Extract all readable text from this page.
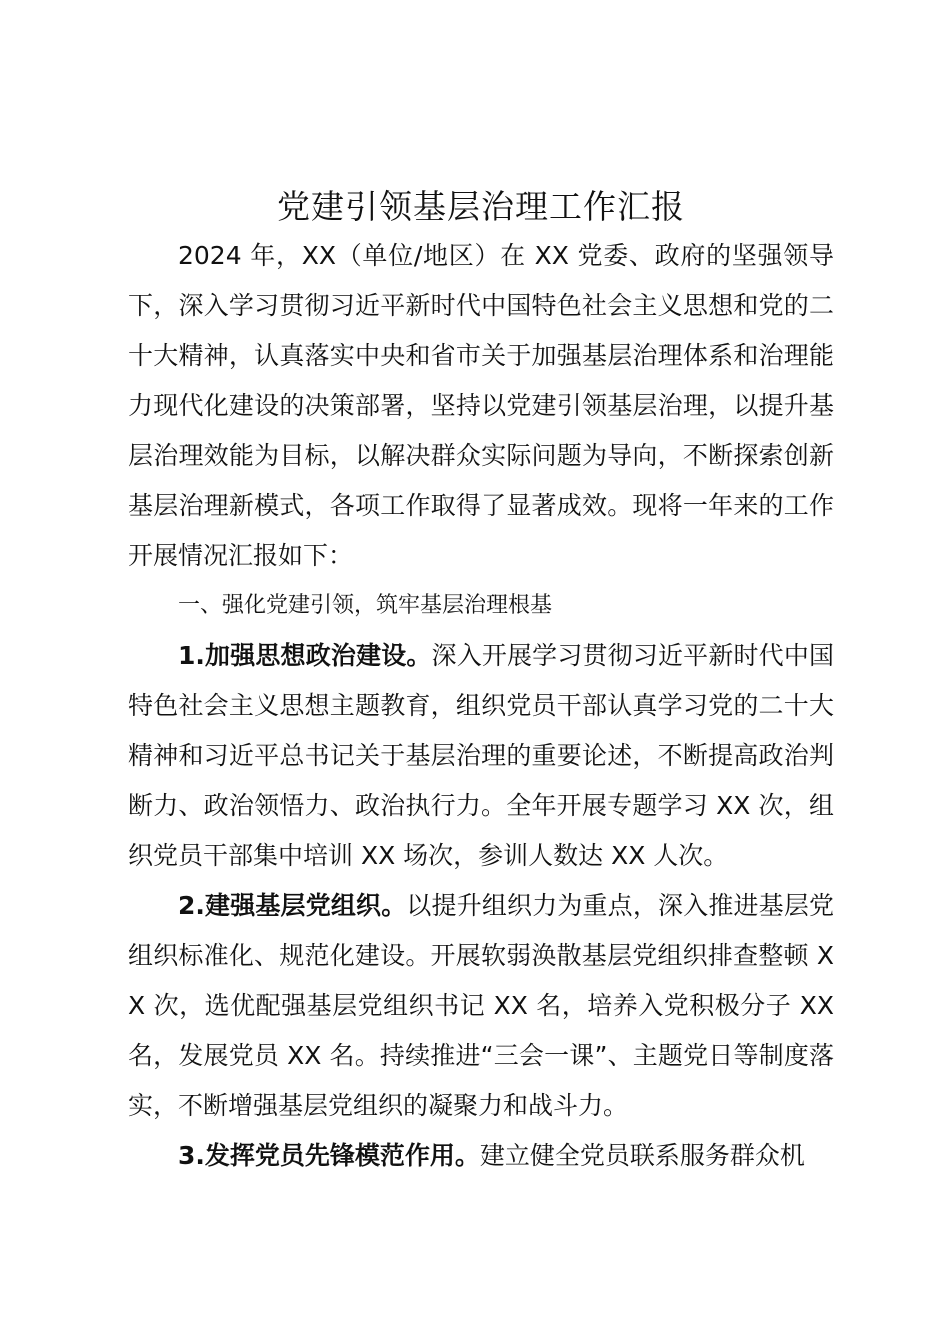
党建引领基层治理工作汇报

2024 年，XX（单位/地区）在 XX 党委、政府的坚强领导下，深入学习贯彻习近平新时代中国特色社会主义思想和党的二十大精神，认真落实中央和省市关于加强基层治理体系和治理能力现代化建设的决策部署，坚持以党建引领基层治理，以提升基层治理效能为目标，以解决群众实际问题为导向，不断探索创新基层治理新模式，各项工作取得了显著成效。现将一年来的工作开展情况汇报如下：

一、强化党建引领，筑牢基层治理根基

1.加强思想政治建设。深入开展学习贯彻习近平新时代中国特色社会主义思想主题教育，组织党员干部认真学习党的二十大精神和习近平总书记关于基层治理的重要论述，不断提高政治判断力、政治领悟力、政治执行力。全年开展专题学习 XX 次，组织党员干部集中培训 XX 场次，参训人数达 XX 人次。

2.建强基层党组织。以提升组织力为重点，深入推进基层党组织标准化、规范化建设。开展软弱涣散基层党组织排查整顿 XX 次，选优配强基层党组织书记 XX 名，培养入党积极分子 XX 名，发展党员 XX 名。持续推进“三会一课”、主题党日等制度落实，不断增强基层党组织的凝聚力和战斗力。

3.发挥党员先锋模范作用。建立健全党员联系服务群众机
